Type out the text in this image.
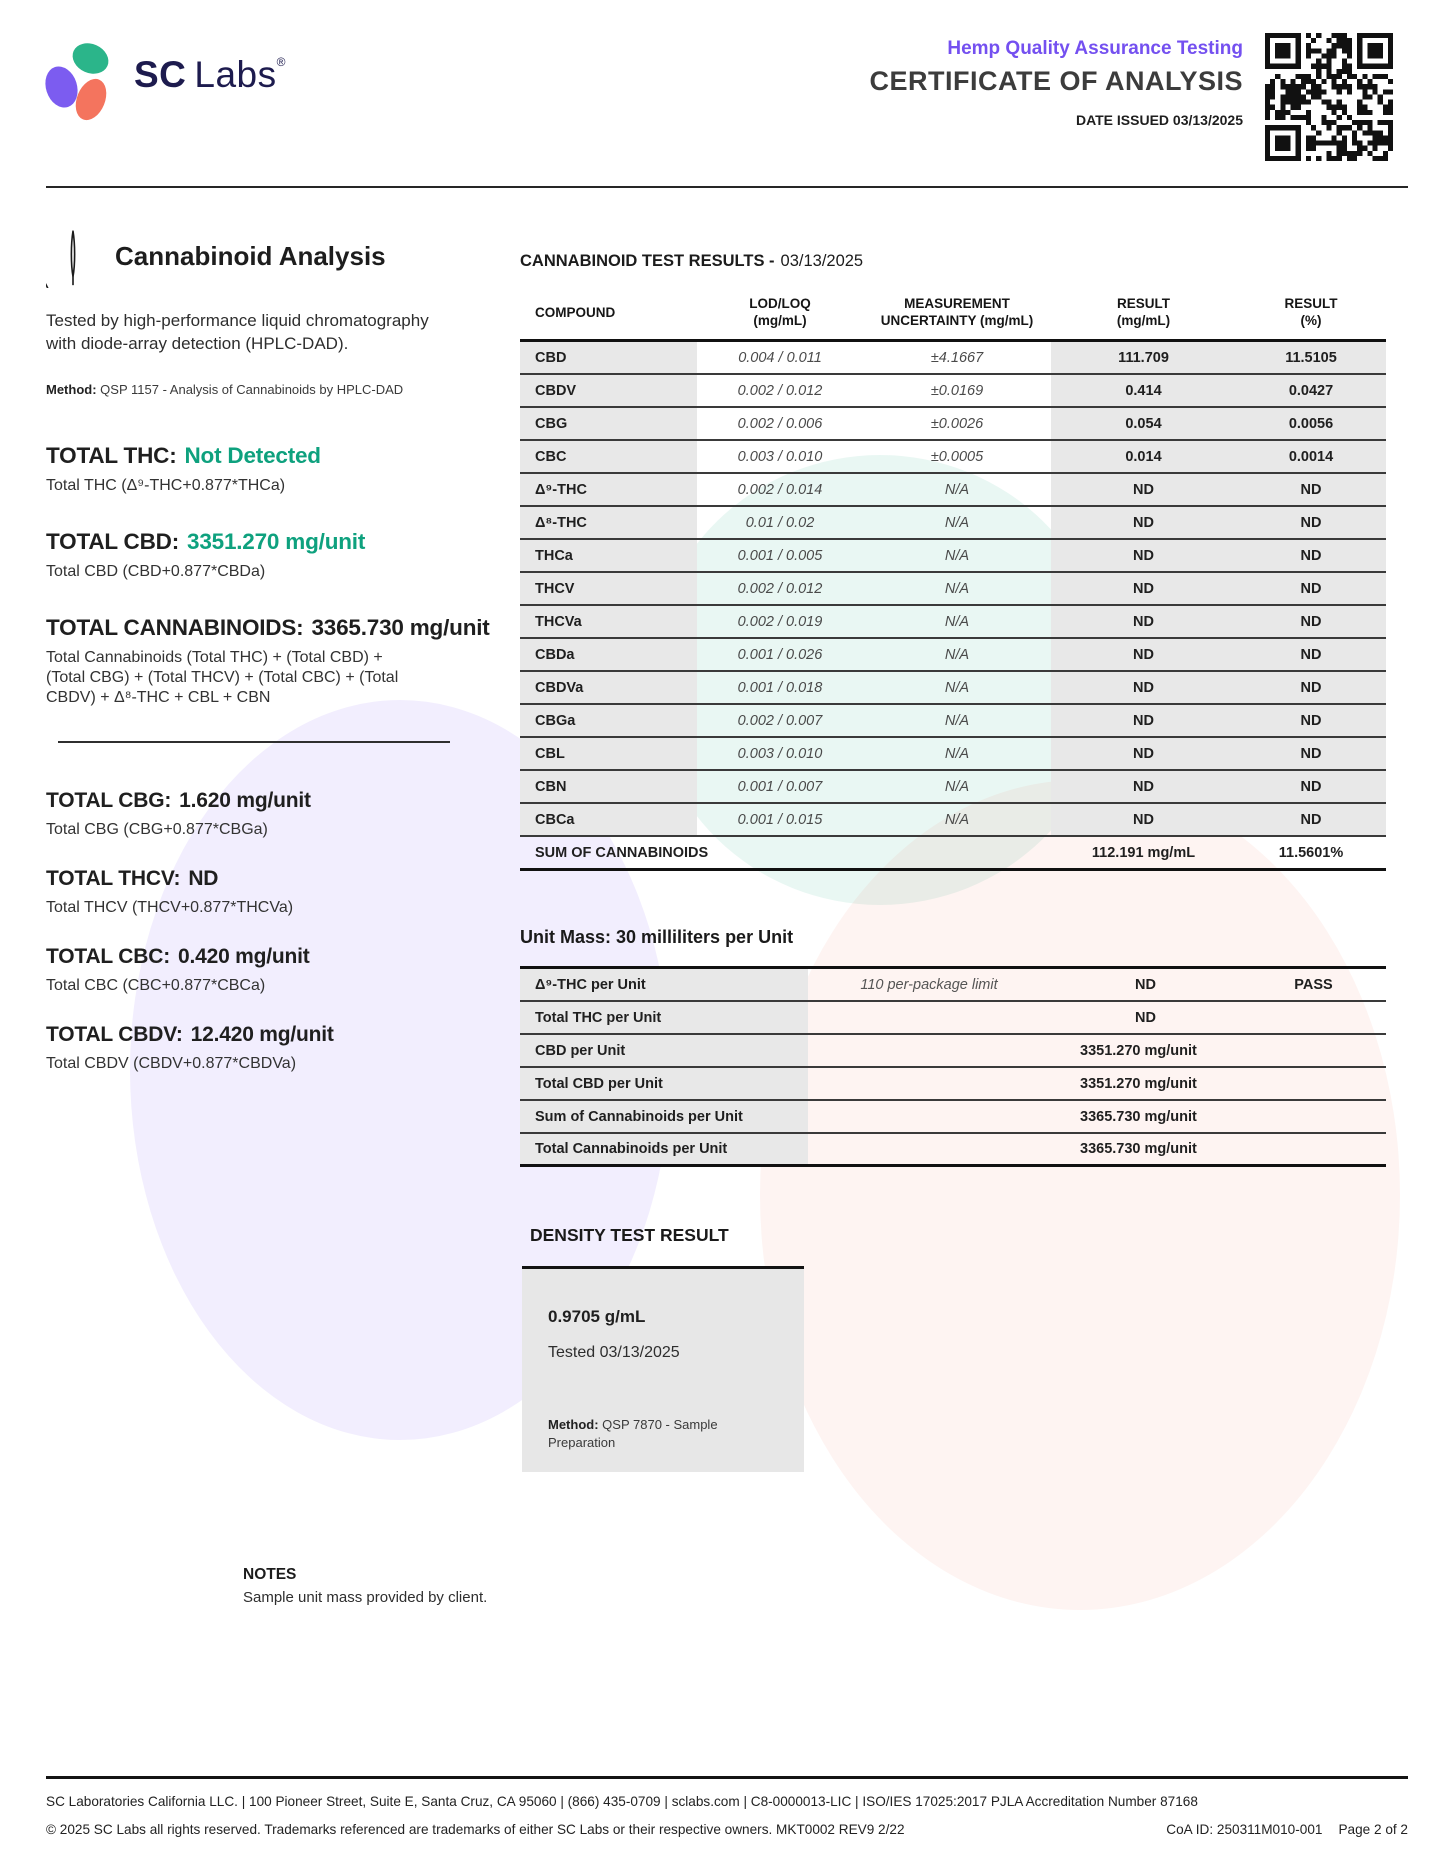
SC Labs®
Hemp Quality Assurance Testing
CERTIFICATE OF ANALYSIS
DATE ISSUED 03/13/2025
Cannabinoid Analysis
Tested by high-performance liquid chromatography with diode-array detection (HPLC-DAD).
Method: QSP 1157 - Analysis of Cannabinoids by HPLC-DAD
TOTAL THC: Not Detected
Total THC (Δ⁹-THC+0.877*THCa)
TOTAL CBD: 3351.270 mg/unit
Total CBD (CBD+0.877*CBDa)
TOTAL CANNABINOIDS: 3365.730 mg/unit
Total Cannabinoids (Total THC) + (Total CBD) + (Total CBG) + (Total THCV) + (Total CBC) + (Total CBDV) + Δ⁸-THC + CBL + CBN
TOTAL CBG: 1.620 mg/unit
Total CBG (CBG+0.877*CBGa)
TOTAL THCV: ND
Total THCV (THCV+0.877*THCVa)
TOTAL CBC: 0.420 mg/unit
Total CBC (CBC+0.877*CBCa)
TOTAL CBDV: 12.420 mg/unit
Total CBDV (CBDV+0.877*CBDVa)
CANNABINOID TEST RESULTS - 03/13/2025
COMPOUND
LOD/LOQ
(mg/mL)
MEASUREMENT
UNCERTAINTY (mg/mL)
RESULT
(mg/mL)
RESULT
(%)
CBD	0.004 / 0.011	±4.1667	111.709	11.5105
CBDV	0.002 / 0.012	±0.0169	0.414	0.0427
CBG	0.002 / 0.006	±0.0026	0.054	0.0056
CBC	0.003 / 0.010	±0.0005	0.014	0.0014
Δ⁹-THC	0.002 / 0.014	N/A	ND	ND
Δ⁸-THC	0.01 / 0.02	N/A	ND	ND
THCa	0.001 / 0.005	N/A	ND	ND
THCV	0.002 / 0.012	N/A	ND	ND
THCVa	0.002 / 0.019	N/A	ND	ND
CBDa	0.001 / 0.026	N/A	ND	ND
CBDVa	0.001 / 0.018	N/A	ND	ND
CBGa	0.002 / 0.007	N/A	ND	ND
CBL	0.003 / 0.010	N/A	ND	ND
CBN	0.001 / 0.007	N/A	ND	ND
CBCa	0.001 / 0.015	N/A	ND	ND
SUM OF CANNABINOIDS	112.191 mg/mL	11.5601%
Unit Mass: 30 milliliters per Unit
Δ⁹-THC per Unit	110 per-package limit	ND	PASS
Total THC per Unit	ND
CBD per Unit	3351.270 mg/unit
Total CBD per Unit	3351.270 mg/unit
Sum of Cannabinoids per Unit	3365.730 mg/unit
Total Cannabinoids per Unit	3365.730 mg/unit
DENSITY TEST RESULT
0.9705 g/mL
Tested 03/13/2025
Method: QSP 7870 - Sample Preparation
NOTES
Sample unit mass provided by client.
SC Laboratories California LLC. | 100 Pioneer Street, Suite E, Santa Cruz, CA 95060 | (866) 435-0709 | sclabs.com | C8-0000013-LIC | ISO/IES 17025:2017 PJLA Accreditation Number 87168
© 2025 SC Labs all rights reserved. Trademarks referenced are trademarks of either SC Labs or their respective owners. MKT0002 REV9 2/22	CoA ID: 250311M010-001 Page 2 of 2
